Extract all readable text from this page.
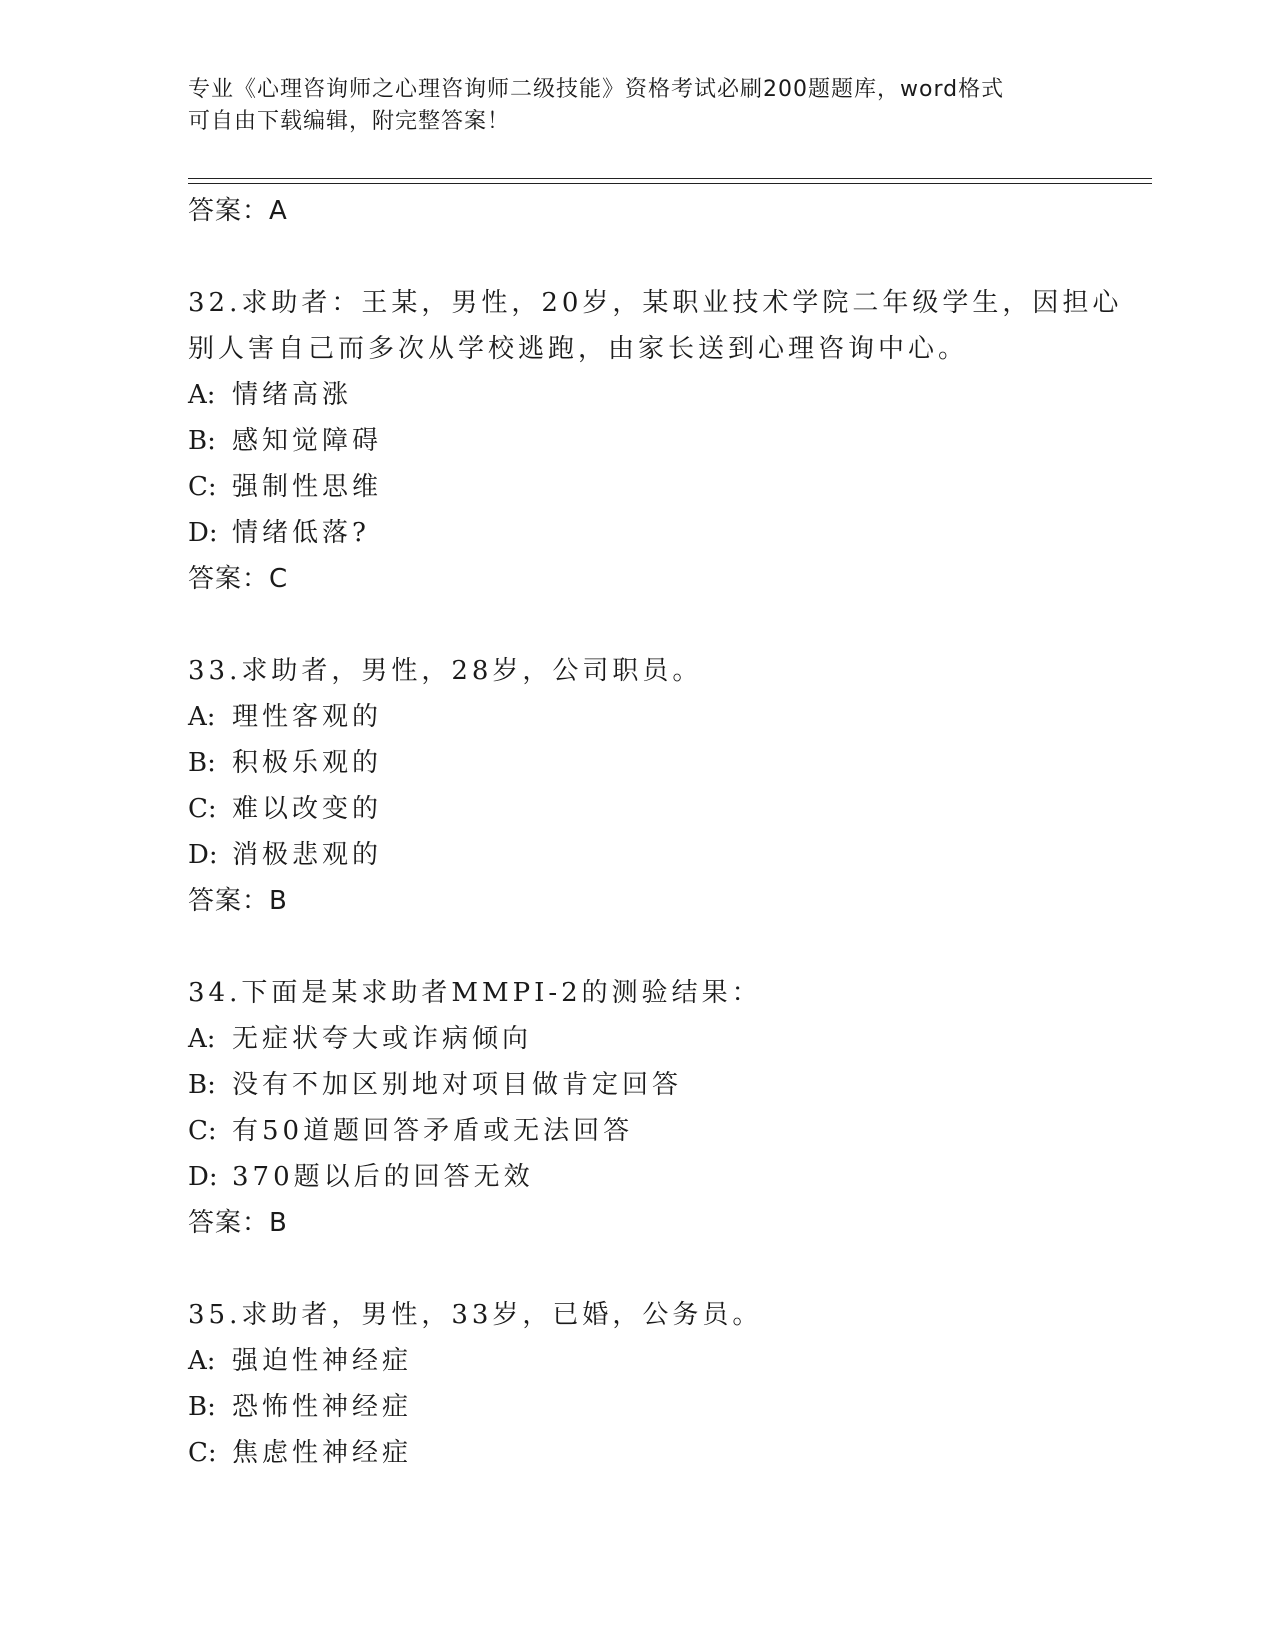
专业《心理咨询师之心理咨询师二级技能》资格考试必刷200题题库，word格式
可自由下载编辑，附完整答案！
答案：A
32.求助者：王某，男性，20岁，某职业技术学院二年级学生，因担心
别人害自己而多次从学校逃跑，由家长送到心理咨询中心。
A: 情绪高涨
B: 感知觉障碍
C: 强制性思维
D: 情绪低落?
答案：C
33.求助者，男性，28岁，公司职员。
A: 理性客观的
B: 积极乐观的
C: 难以改变的
D: 消极悲观的
答案：B
34.下面是某求助者MMPI-2的测验结果：
A: 无症状夸大或诈病倾向
B: 没有不加区别地对项目做肯定回答
C: 有50道题回答矛盾或无法回答
D: 370题以后的回答无效
答案：B
35.求助者，男性，33岁，已婚，公务员。
A: 强迫性神经症
B: 恐怖性神经症
C: 焦虑性神经症
